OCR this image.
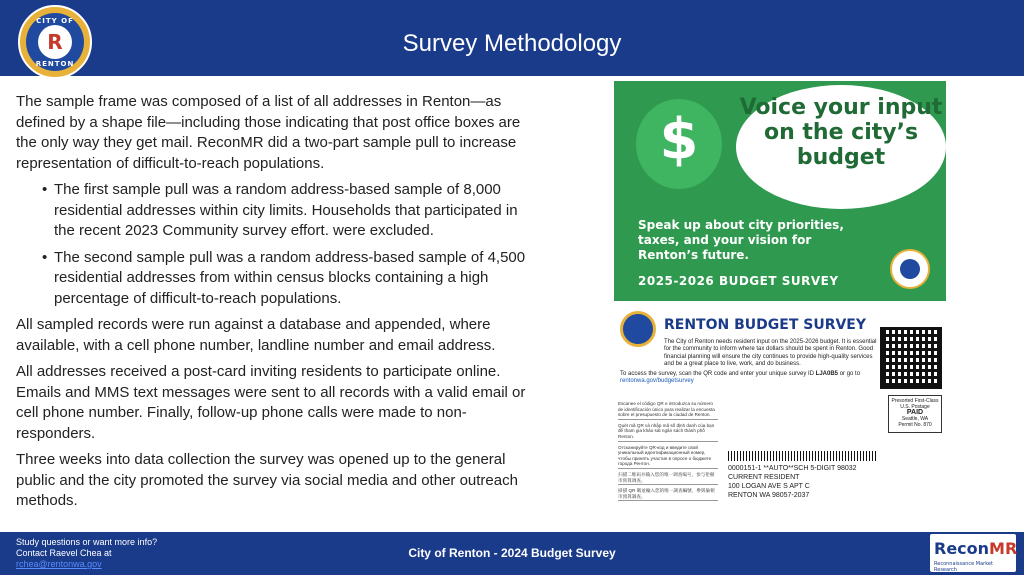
CITY OF
R
RENTON
Survey Methodology

The sample frame was composed of a list of all addresses in Renton—as defined by a shape file—including those indicating that post office boxes are the only way they get mail. ReconMR did a two-part sample pull to increase representation of difficult-to-reach populations.

• The first sample pull was a random address-based sample of 8,000 residential addresses within city limits. Households that participated in the recent 2023 Community survey effort. were excluded.
• The second sample pull was a random address-based sample of 4,500 residential addresses from within census blocks containing a high percentage of difficult-to-reach populations.

All sampled records were run against a database and appended, where available, with a cell phone number, landline number and email address.

All addresses received a post-card inviting residents to participate online. Emails and MMS text messages were sent to all records with a valid email or cell phone number. Finally, follow-up phone calls were made to non-responders.

Three weeks into data collection the survey was opened up to the general public and the city promoted the survey via social media and other outreach methods.

$	Voice your input on the city’s budget
Speak up about city priorities, taxes, and your vision for Renton’s future.
2025-2026 BUDGET SURVEY
RENTON BUDGET SURVEY
The City of Renton needs resident input on the 2025-2026 budget. It is essential for the community to inform where tax dollars should be spent in Renton. Good financial planning will ensure the city continues to provide high-quality services and be a great place to live, work, and do business.
To access the survey, scan the QR code and enter your unique survey ID LJA0B5 or go to rentonwa.gov/budgetsurvey
Escanee el código QR e introduzca su número de identificación único para realizar la encuesta sobre el presupuesto de la ciudad de Renton.
Quét mã QR và nhập mã số định danh của bạn để tham gia khảo sát ngân sách thành phố Renton.
Отсканируйте QR-код и введите свой уникальный идентификационный номер, чтобы принять участие в опросе о бюджете города Рентон.
扫描二维码并输入您的唯一调查编号，参与伦顿市预算调查。
掃描 QR 碼並輸入您的唯一調查編號，參與倫頓市預算調查。
Presorted First-Class U.S. Postage
PAID
Seattle, WA
Permit No. 870
0000151-1 **AUTO**SCH 5-DIGIT 98032
CURRENT RESIDENT
100 LOGAN AVE S APT C
RENTON WA 98057-2037
Study questions or want more info?
Contact Raevel Chea at
rchea@rentonwa.gov
City of Renton - 2024 Budget Survey	ReconMR
Reconnaissance Market Research
